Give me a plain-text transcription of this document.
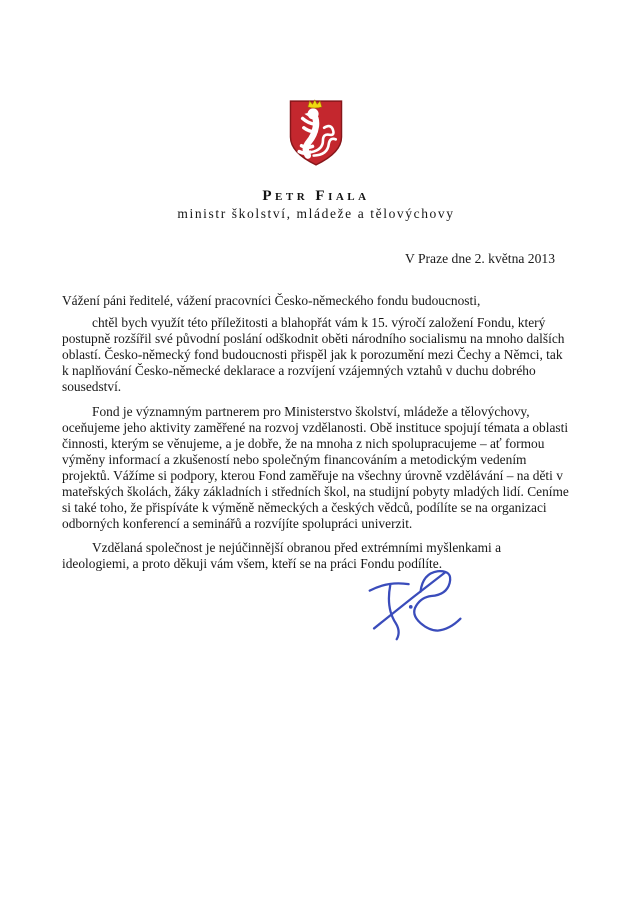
Petr Fiala
ministr školství, mládeže a tělovýchovy
V Praze dne 2. května 2013
Vážení páni ředitelé, vážení pracovníci Česko-německého fondu budoucnosti,

chtěl bych využít této příležitosti a blahopřát vám k 15. výročí založení Fondu, který postupně rozšířil své původní poslání odškodnit oběti národního socialismu na mnoho dalších oblastí. Česko-německý fond budoucnosti přispěl jak k porozumění mezi Čechy a Němci, tak k naplňování Česko-německé deklarace a rozvíjení vzájemných vztahů v duchu dobrého sousedství.

Fond je významným partnerem pro Ministerstvo školství, mládeže a tělovýchovy, oceňujeme jeho aktivity zaměřené na rozvoj vzdělanosti. Obě instituce spojují témata a oblasti činnosti, kterým se věnujeme, a je dobře, že na mnoha z nich spolupracujeme – ať formou výměny informací a zkušeností nebo společným financováním a metodickým vedením projektů. Vážíme si podpory, kterou Fond zaměřuje na všechny úrovně vzdělávání – na děti v mateřských školách, žáky základních i středních škol, na studijní pobyty mladých lidí. Ceníme si také toho, že přispíváte k výměně německých a českých vědců, podílíte se na organizaci odborných konferencí a seminářů a rozvíjíte spolupráci univerzit.

Vzdělaná společnost je nejúčinnější obranou před extrémními myšlenkami a ideologiemi, a proto děkuji vám všem, kteří se na práci Fondu podílíte.
